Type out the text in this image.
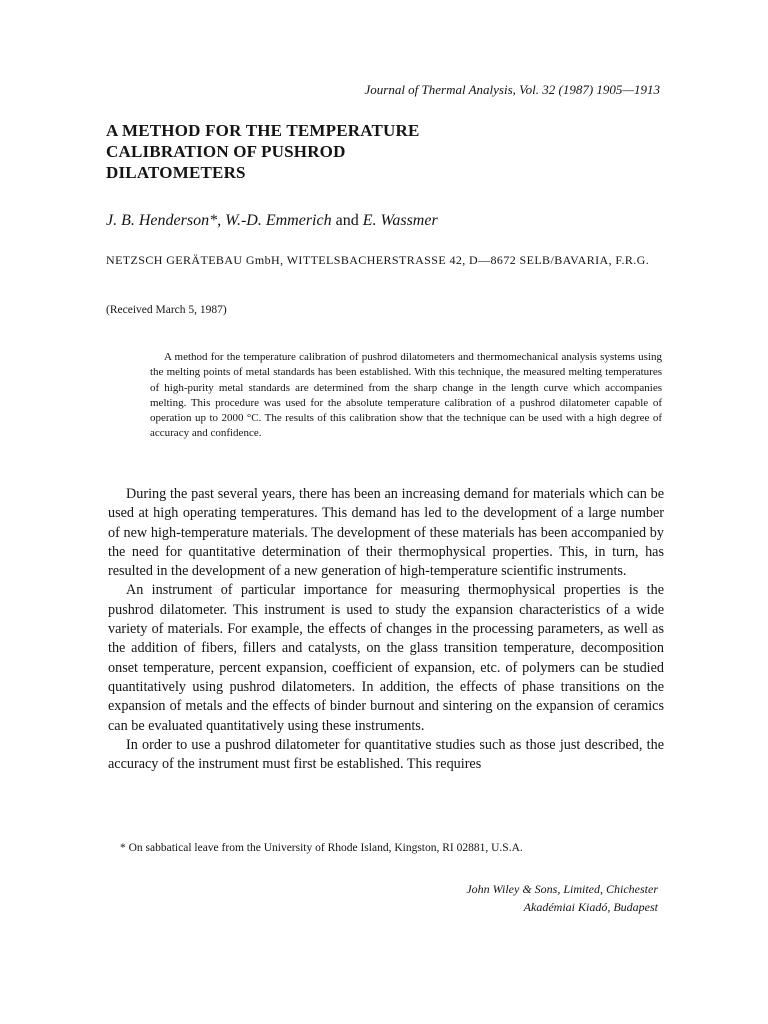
Journal of Thermal Analysis, Vol. 32 (1987) 1905—1913
A METHOD FOR THE TEMPERATURE
CALIBRATION OF PUSHROD
DILATOMETERS
J. B. Henderson*, W.-D. Emmerich and E. Wassmer
NETZSCH GERÄTEBAU GmbH, WITTELSBACHERSTRASSE 42, D—8672 SELB/BAVARIA, F.R.G.
(Received March 5, 1987)

A method for the temperature calibration of pushrod dilatometers and thermomechanical analysis systems using the melting points of metal standards has been established. With this technique, the measured melting temperatures of high-purity metal standards are determined from the sharp change in the length curve which accompanies melting. This procedure was used for the absolute temperature calibration of a pushrod dilatometer capable of operation up to 2000 °C. The results of this calibration show that the technique can be used with a high degree of accuracy and confidence.

During the past several years, there has been an increasing demand for materials which can be used at high operating temperatures. This demand has led to the development of a large number of new high-temperature materials. The development of these materials has been accompanied by the need for quantitative determination of their thermophysical properties. This, in turn, has resulted in the development of a new generation of high-temperature scientific instruments.

An instrument of particular importance for measuring thermophysical properties is the pushrod dilatometer. This instrument is used to study the expansion characteristics of a wide variety of materials. For example, the effects of changes in the processing parameters, as well as the addition of fibers, fillers and catalysts, on the glass transition temperature, decomposition onset temperature, percent expansion, coefficient of expansion, etc. of polymers can be studied quantitatively using pushrod dilatometers. In addition, the effects of phase transitions on the expansion of metals and the effects of binder burnout and sintering on the expansion of ceramics can be evaluated quantitatively using these instruments.

In order to use a pushrod dilatometer for quantitative studies such as those just described, the accuracy of the instrument must first be established. This requires

* On sabbatical leave from the University of Rhode Island, Kingston, RI 02881, U.S.A.
John Wiley & Sons, Limited, Chichester
Akadémiai Kiadó, Budapest
